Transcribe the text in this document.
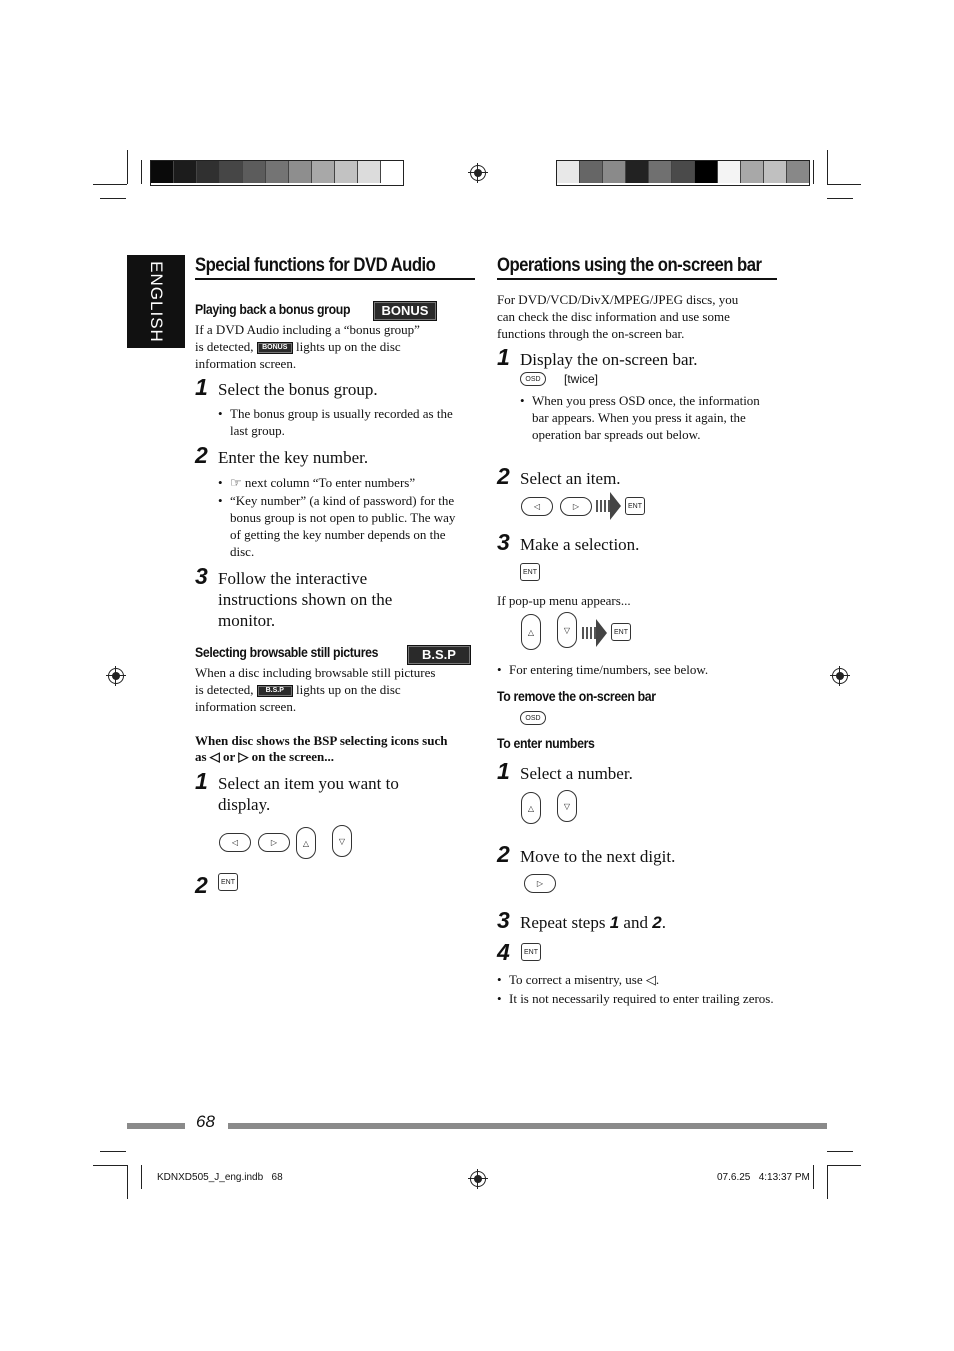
ENGLISH Special functions for DVD Audio
Playing back a bonus group	BONUS
If a DVD Audio including a “bonus group”
is detected, BONUS lights up on the disc
information screen.
1 Select the bonus group.
• The bonus group is usually recorded as the last group.
2 Enter the key number.
• ☞ next column “To enter numbers”
• “Key number” (a kind of password) for the bonus group is not open to public. The way of getting the key number depends on the disc.
3 Follow the interactive
instructions shown on the
monitor.
Selecting browsable still pictures	B.S.P
When a disc including browsable still pictures
is detected, B.S.P lights up on the disc
information screen.
When disc shows the BSP selecting icons such
as ◁ or ▷ on the screen...
1 Select an item you want to
display.
◁	▷	△	▽
2	ENT
Operations using the on-screen bar
For DVD/VCD/DivX/MPEG/JPEG discs, you
can check the disc information and use some
functions through the on-screen bar.
1 Display the on-screen bar.
OSD	[twice]
• When you press OSD once, the information bar appears. When you press it again, the operation bar spreads out below.
2 Select an item.
◁	▷	ENT
3 Make a selection.
ENT
If pop-up menu appears...
△	▽	ENT
• For entering time/numbers, see below.
To remove the on-screen bar
OSD
To enter numbers
1 Select a number.
△	▽
2 Move to the next digit.
▷
3 Repeat steps 1 and 2.
4	ENT
• To correct a misentry, use ◁.
• It is not necessarily required to enter trailing zeros.
68
KDNXD505_J_eng.indb   68	07.6.25   4:13:37 PM
